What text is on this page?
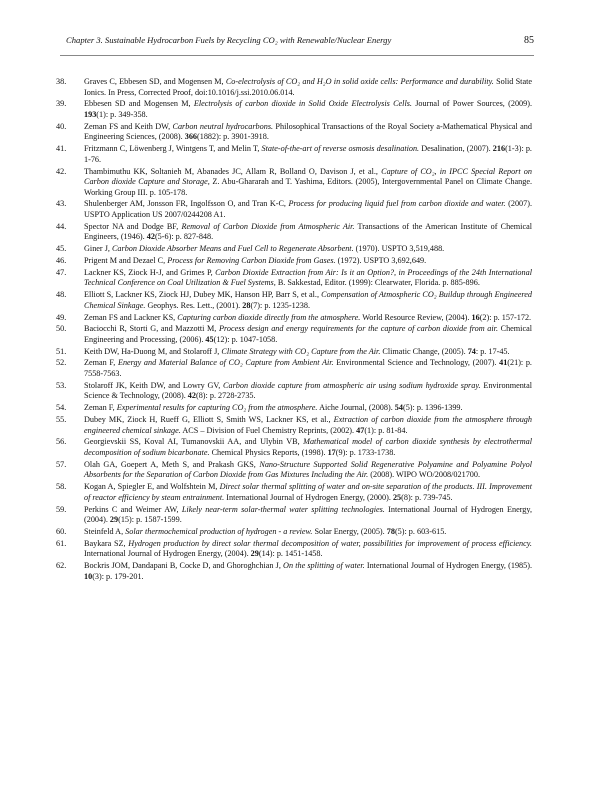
Chapter 3. Sustainable Hydrocarbon Fuels by Recycling CO₂ with Renewable/Nuclear Energy	85
38. Graves C, Ebbesen SD, and Mogensen M, Co-electrolysis of CO₂ and H₂O in solid oxide cells: Performance and durability. Solid State Ionics. In Press, Corrected Proof, doi:10.1016/j.ssi.2010.06.014.
39. Ebbesen SD and Mogensen M, Electrolysis of carbon dioxide in Solid Oxide Electrolysis Cells. Journal of Power Sources, (2009). 193(1): p. 349-358.
40. Zeman FS and Keith DW, Carbon neutral hydrocarbons. Philosophical Transactions of the Royal Society a-Mathematical Physical and Engineering Sciences, (2008). 366(1882): p. 3901-3918.
41. Fritzmann C, Löwenberg J, Wintgens T, and Melin T, State-of-the-art of reverse osmosis desalination. Desalination, (2007). 216(1-3): p. 1-76.
42. Thambimuthu KK, Soltanieh M, Abanades JC, Allam R, Bolland O, Davison J, et al., Capture of CO₂, in IPCC Special Report on Carbon dioxide Capture and Storage, Z. Abu-Ghararah and T. Yashima, Editors. (2005), Intergovernmental Panel on Climate Change. Working Group III. p. 105-178.
43. Shulenberger AM, Jonsson FR, Ingolfsson O, and Tran K-C, Process for producing liquid fuel from carbon dioxide and water. (2007). USPTO Application US 2007/0244208 A1.
44. Spector NA and Dodge BF, Removal of Carbon Dioxide from Atmospheric Air. Transactions of the American Institute of Chemical Engineers, (1946). 42(5-6): p. 827-848.
45. Giner J, Carbon Dioxide Absorber Means and Fuel Cell to Regenerate Absorbent. (1970). USPTO 3,519,488.
46. Prigent M and Dezael C, Process for Removing Carbon Dioxide from Gases. (1972). USPTO 3,692,649.
47. Lackner KS, Ziock H-J, and Grimes P, Carbon Dioxide Extraction from Air: Is it an Option?, in Proceedings of the 24th International Technical Conference on Coal Utilization & Fuel Systems, B. Sakkestad, Editor. (1999): Clearwater, Florida. p. 885-896.
48. Elliott S, Lackner KS, Ziock HJ, Dubey MK, Hanson HP, Barr S, et al., Compensation of Atmospheric CO₂ Buildup through Engineered Chemical Sinkage. Geophys. Res. Lett., (2001). 28(7): p. 1235-1238.
49. Zeman FS and Lackner KS, Capturing carbon dioxide directly from the atmosphere. World Resource Review, (2004). 16(2): p. 157-172.
50. Baciocchi R, Storti G, and Mazzotti M, Process design and energy requirements for the capture of carbon dioxide from air. Chemical Engineering and Processing, (2006). 45(12): p. 1047-1058.
51. Keith DW, Ha-Duong M, and Stolaroff J, Climate Strategy with CO₂ Capture from the Air. Climatic Change, (2005). 74: p. 17-45.
52. Zeman F, Energy and Material Balance of CO₂ Capture from Ambient Air. Environmental Science and Technology, (2007). 41(21): p. 7558-7563.
53. Stolaroff JK, Keith DW, and Lowry GV, Carbon dioxide capture from atmospheric air using sodium hydroxide spray. Environmental Science & Technology, (2008). 42(8): p. 2728-2735.
54. Zeman F, Experimental results for capturing CO₂ from the atmosphere. Aiche Journal, (2008). 54(5): p. 1396-1399.
55. Dubey MK, Ziock H, Rueff G, Elliott S, Smith WS, Lackner KS, et al., Extraction of carbon dioxide from the atmosphere through engineered chemical sinkage. ACS – Division of Fuel Chemistry Reprints, (2002). 47(1): p. 81-84.
56. Georgievskii SS, Koval AI, Tumanovskii AA, and Ulybin VB, Mathematical model of carbon dioxide synthesis by electrothermal decomposition of sodium bicarbonate. Chemical Physics Reports, (1998). 17(9): p. 1733-1738.
57. Olah GA, Goepert A, Meth S, and Prakash GKS, Nano-Structure Supported Solid Regenerative Polyamine and Polyamine Polyol Absorbents for the Separation of Carbon Dioxide from Gas Mixtures Including the Air. (2008). WIPO WO/2008/021700.
58. Kogan A, Spiegler E, and Wolfshtein M, Direct solar thermal splitting of water and on-site separation of the products. III. Improvement of reactor efficiency by steam entrainment. International Journal of Hydrogen Energy, (2000). 25(8): p. 739-745.
59. Perkins C and Weimer AW, Likely near-term solar-thermal water splitting technologies. International Journal of Hydrogen Energy, (2004). 29(15): p. 1587-1599.
60. Steinfeld A, Solar thermochemical production of hydrogen - a review. Solar Energy, (2005). 78(5): p. 603-615.
61. Baykara SZ, Hydrogen production by direct solar thermal decomposition of water, possibilities for improvement of process efficiency. International Journal of Hydrogen Energy, (2004). 29(14): p. 1451-1458.
62. Bockris JOM, Dandapani B, Cocke D, and Ghoroghchian J, On the splitting of water. International Journal of Hydrogen Energy, (1985). 10(3): p. 179-201.
